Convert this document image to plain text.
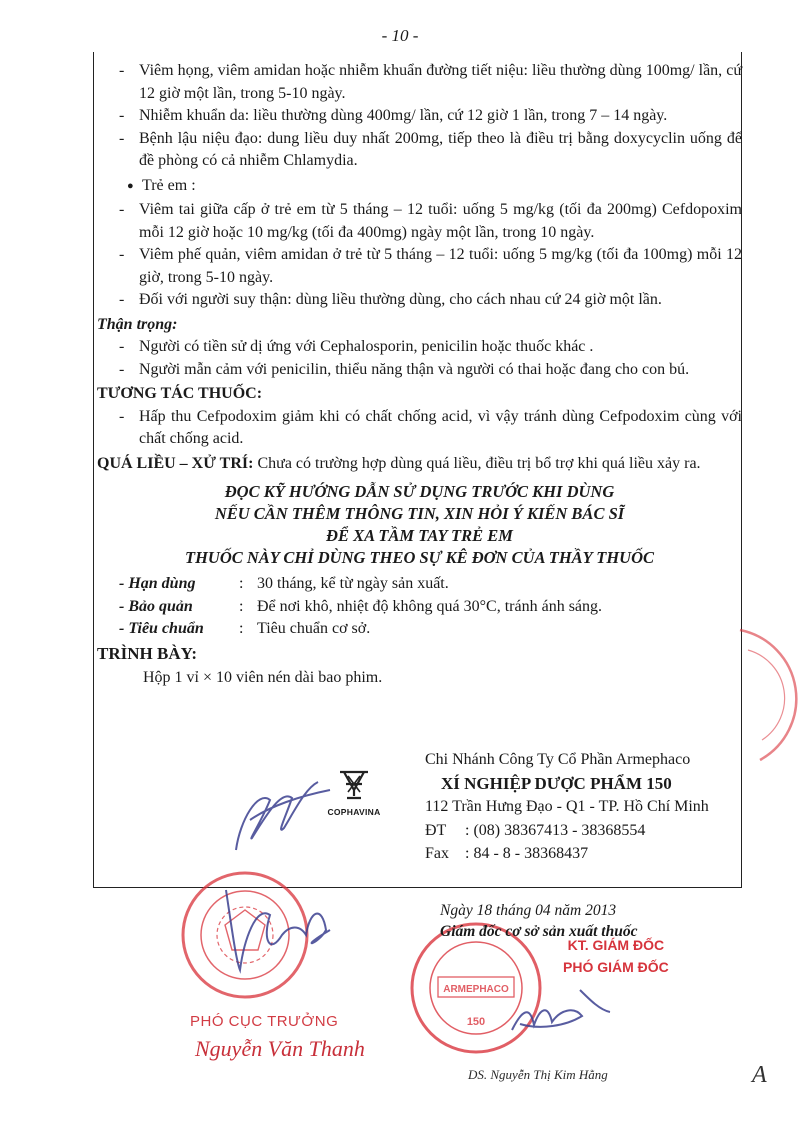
- 10 -
- Viêm họng, viêm amidan hoặc nhiễm khuẩn đường tiết niệu: liều thường dùng 100mg/ lần, cứ 12 giờ một lần, trong 5-10 ngày.
- Nhiễm khuẩn da: liều thường dùng 400mg/ lần, cứ 12 giờ 1 lần, trong 7 – 14 ngày.
- Bệnh lậu niệu đạo: dung liều duy nhất 200mg, tiếp theo là điều trị bằng doxycyclin uống để đề phòng có cả nhiễm Chlamydia.
● Trẻ em :
- Viêm tai giữa cấp ở trẻ em từ 5 tháng – 12 tuổi: uống 5 mg/kg (tối đa 200mg) Cefdopoxim mỗi 12 giờ hoặc 10 mg/kg (tối đa 400mg) ngày một lần, trong 10 ngày.
- Viêm phế quản, viêm amidan ở trẻ từ 5 tháng – 12 tuổi: uống 5 mg/kg (tối đa 100mg) mỗi 12 giờ, trong 5-10 ngày.
- Đối với người suy thận: dùng liều thường dùng, cho cách nhau cứ 24 giờ một lần.
Thận trọng:
- Người có tiền sử dị ứng với Cephalosporin, penicilin hoặc thuốc khác .
- Người mẫn cảm với penicilin, thiểu năng thận và người có thai hoặc đang cho con bú.
TƯƠNG TÁC THUỐC:
- Hấp thu Cefpodoxim giảm khi có chất chống acid, vì vậy tránh dùng Cefpodoxim cùng với chất chống acid.
QUÁ LIỀU – XỬ TRÍ: Chưa có trường hợp dùng quá liều, điều trị bổ trợ khi quá liều xảy ra.
ĐỌC KỸ HƯỚNG DẪN SỬ DỤNG TRƯỚC KHI DÙNG
NẾU CẦN THÊM THÔNG TIN, XIN HỎI Ý KIẾN BÁC SĨ
ĐỂ XA TẦM TAY TRẺ EM
THUỐC NÀY CHỈ DÙNG THEO SỰ KÊ ĐƠN CỦA THẦY THUỐC
- Hạn dùng	: 30 tháng, kể từ ngày sản xuất.
- Bảo quản	: Để nơi khô, nhiệt độ không quá 30°C, tránh ánh sáng.
- Tiêu chuẩn	: Tiêu chuẩn cơ sở.
TRÌNH BÀY:
Hộp 1 vỉ × 10 viên nén dài bao phim.
COPHAVINA
Chi Nhánh Công Ty Cổ Phần Armephaco
XÍ NGHIỆP DƯỢC PHẨM 150
112 Trần Hưng Đạo - Q1 - TP. Hồ Chí Minh
ĐT	: (08) 38367413 - 38368554
Fax	: 84 - 8 - 38368437
ARMEPHACO
150
Ngày 18 tháng 04 năm 2013
Giám đốc cơ sở sản xuất thuốc
KT. GIÁM ĐỐC
PHÓ GIÁM ĐỐC
PHÓ CỤC TRƯỞNG
Nguyễn Văn Thanh
DS. Nguyễn Thị Kim Hằng	A
